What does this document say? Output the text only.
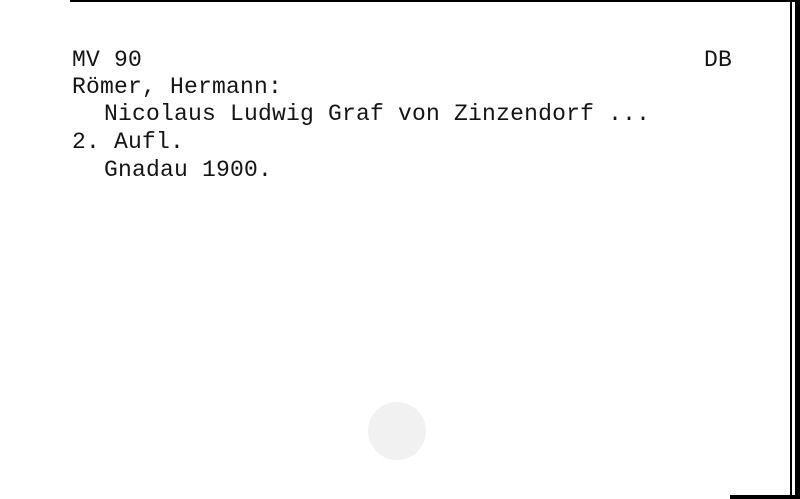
MV 90	DB
Römer, Hermann:
Nicolaus Ludwig Graf von Zinzendorf ...
2. Aufl.
Gnadau 1900.
